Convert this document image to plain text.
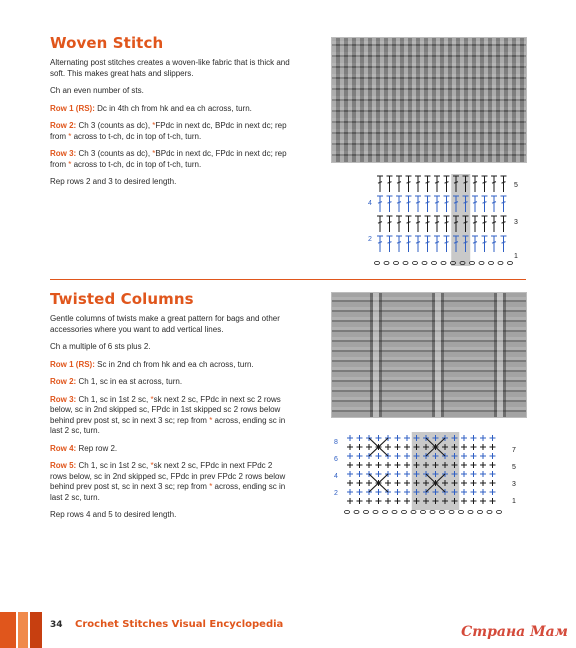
Woven Stitch

Alternating post stitches creates a woven-like fabric that is thick and soft. This makes great hats and slippers.

Ch an even number of sts.

Row 1 (RS): Dc in 4th ch from hk and ea ch across, turn.

Row 2: Ch 3 (counts as dc), *FPdc in next dc, BPdc in next dc; rep from * across to t-ch, dc in top of t-ch, turn.

Row 3: Ch 3 (counts as dc), *BPdc in next dc, FPdc in next dc; rep from * across to t-ch, dc in top of t-ch, turn.

Rep rows 2 and 3 to desired length.	5
3
1
4
2
Twisted Columns

Gentle columns of twists make a great pattern for bags and other accessories where you want to add vertical lines.

Ch a multiple of 6 sts plus 2.

Row 1 (RS): Sc in 2nd ch from hk and ea ch across, turn.

Row 2: Ch 1, sc in ea st across, turn.

Row 3: Ch 1, sc in 1st 2 sc, *sk next 2 sc, FPdc in next sc 2 rows below, sc in 2nd skipped sc, FPdc in 1st skipped sc 2 rows below behind prev post st, sc in next 3 sc; rep from * across, ending sc in last 2 sc, turn.

Row 4: Rep row 2.

Row 5: Ch 1, sc in 1st 2 sc, *sk next 2 sc, FPdc in next FPdc 2 rows below, sc in 2nd skipped sc, FPdc in prev FPdc 2 rows below behind prev post st, sc in next 3 sc; rep from * across, ending sc in last 2 sc, turn.

Rep rows 4 and 5 to desired length.

7
5
3
1
8
6
4
2
34 Crochet Stitches Visual Encyclopedia	Страна Мам
